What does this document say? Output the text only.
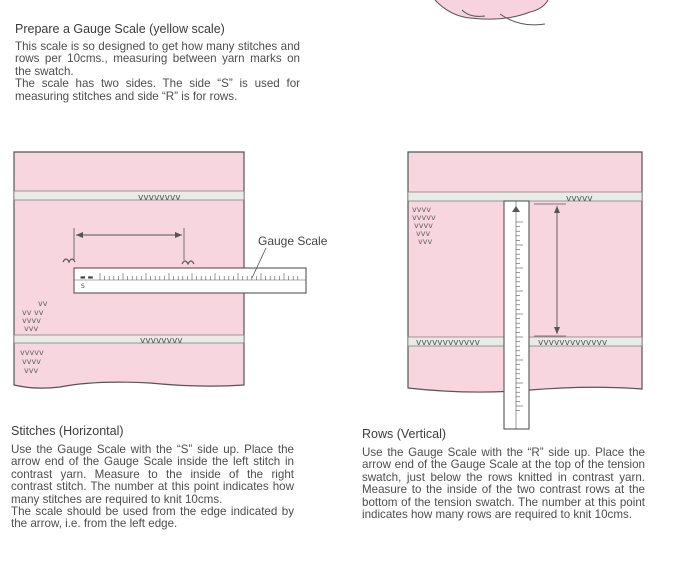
vvvvvvvv
vvvvvvvv
vv vv
vvvv
vvv
vv
vvvvv
vvvv
vvv
▬ ▬
S
vvvvv
vvvvvvvvvvvv	vvvvvvvvvvvvv
vvvv
vvvvv
vvvv
vvv
vvv
Prepare a Gauge Scale (yellow scale)

This scale is so designed to get how many stitches and rows per 10cms., measuring between yarn marks on the swatch.

The scale has two sides. The side “S” is used for measuring stitches and side “R” is for rows.

Gauge Scale
Stitches (Horizontal)

Use the Gauge Scale with the “S” side up. Place the arrow end of the Gauge Scale inside the left stitch in contrast yarn. Measure to the inside of the right contrast stitch. The number at this point indicates how many stitches are required to knit 10cms.

The scale should be used from the edge indicated by the arrow, i.e. from the left edge.

Rows (Vertical)

Use the Gauge Scale with the “R” side up. Place the arrow end of the Gauge Scale at the top of the tension swatch, just below the rows knitted in contrast yarn. Measure to the inside of the two contrast rows at the bottom of the tension swatch. The number at this point indicates how many rows are required to knit 10cms.
